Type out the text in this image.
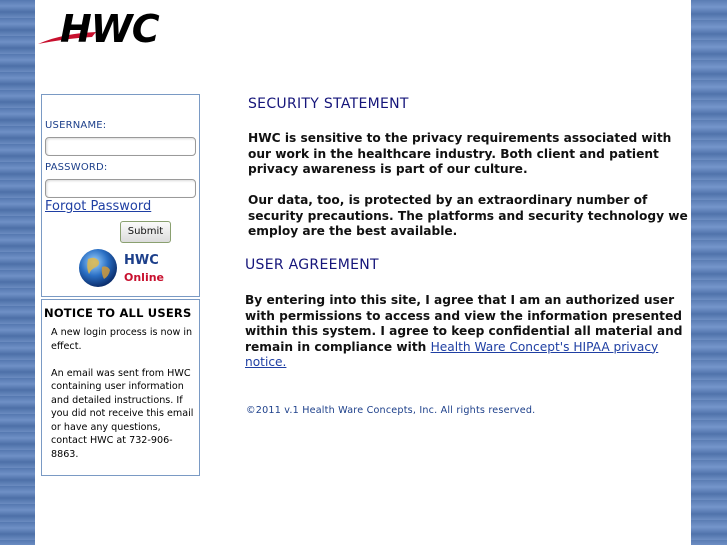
HWC
USERNAME:
PASSWORD:
Forgot Password
Submit
HWC
Online
NOTICE TO ALL USERS

A new login process is now in effect.

An email was sent from HWC containing user information and detailed instructions. If you did not receive this email or have any questions, contact HWC at 732-906-8863.

SECURITY STATEMENT
HWC is sensitive to the privacy requirements associated with our work in the healthcare industry. Both client and patient privacy awareness is part of our culture.
Our data, too, is protected by an extraordinary number of security precautions. The platforms and security technology we employ are the best available.
USER AGREEMENT
By entering into this site, I agree that I am an authorized user with permissions to access and view the information presented within this system. I agree to keep confidential all material and remain in compliance with Health Ware Concept's HIPAA privacy notice.
©2011 v.1 Health Ware Concepts, Inc. All rights reserved.
